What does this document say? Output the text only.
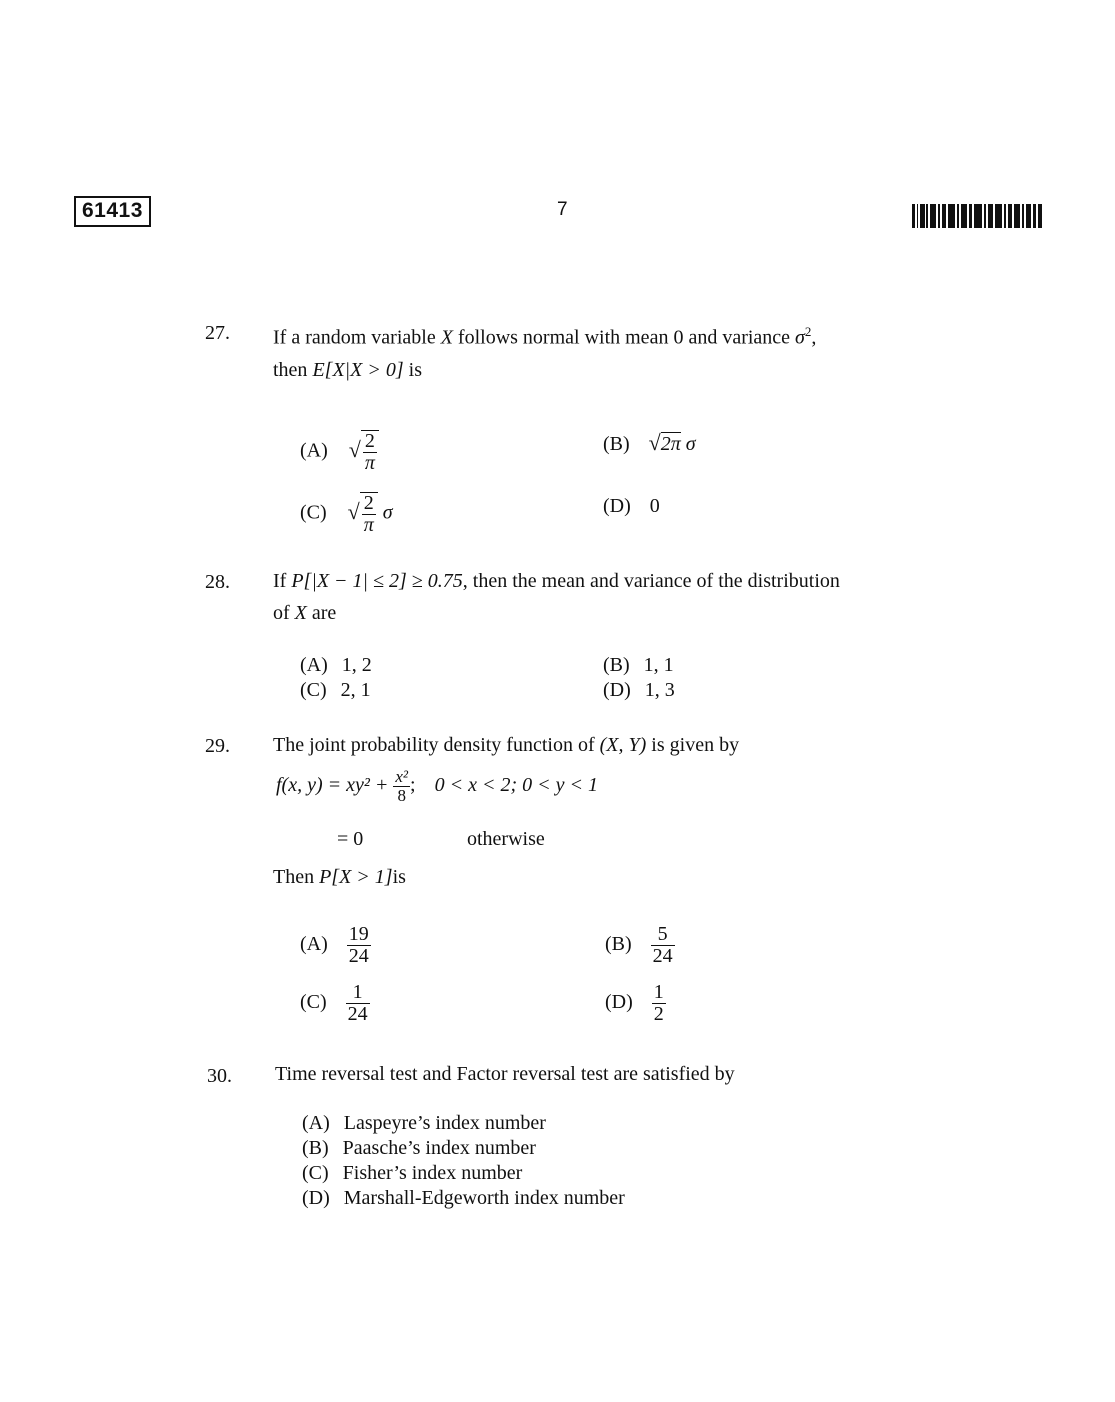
61413	7
27. If a random variable X follows normal with mean 0 and variance $\sigma^2$,
then E[X|X > 0] is
(A) √ $\frac{2}{\pi}$	(B) √2π σ
(C) √ $\frac{2}{\pi}$ σ	(D) 0
28. If P[|X − 1| ≤ 2] ≥ 0.75, then the mean and variance of the distribution
of X are
(A) 1, 2	(B) 1, 1
(C) 2, 1	(D) 1, 3
29. The joint probability density function of (X, Y) is given by
f(x, $y) = xy^2 + \frac{\text{x²}}{8}$ ; 0 < x < 2; 0 < y < 1
= 0	otherwise
Then P[X > 1]is
$(A) \frac{19}{24}$	$(B) \frac{5}{24}$
$(C) \frac{1}{24}$	$(D) \frac{1}{2}$
30. Time reversal test and Factor reversal test are satisfied by
(A) Laspeyre’s index number
(B) Paasche’s index number
(C) Fisher’s index number
(D) Marshall-Edgeworth index number
